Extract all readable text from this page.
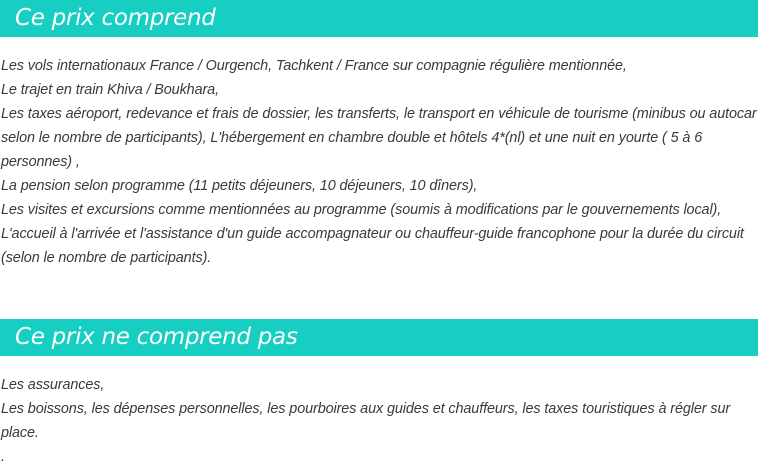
Ce prix comprend
Les vols internationaux France / Ourgench, Tachkent / France sur compagnie régulière mentionnée,
Le trajet en train Khiva / Boukhara,
Les taxes aéroport, redevance et frais de dossier, les transferts, le transport en véhicule de tourisme (minibus ou autocar selon le nombre de participants), L'hébergement en chambre double et hôtels 4*(nl) et une nuit en yourte ( 5 à 6 personnes) ,
La pension selon programme (11 petits déjeuners, 10 déjeuners, 10 dîners),
Les visites et excursions comme mentionnées au programme (soumis à modifications par le gouvernements local),
L'accueil à l'arrivée et l'assistance d'un guide accompagnateur ou chauffeur-guide francophone pour la durée du circuit (selon le nombre de participants).
Ce prix ne comprend pas
Les assurances,
Les boissons, les dépenses personnelles, les pourboires aux guides et chauffeurs, les taxes touristiques à régler sur place.
.
